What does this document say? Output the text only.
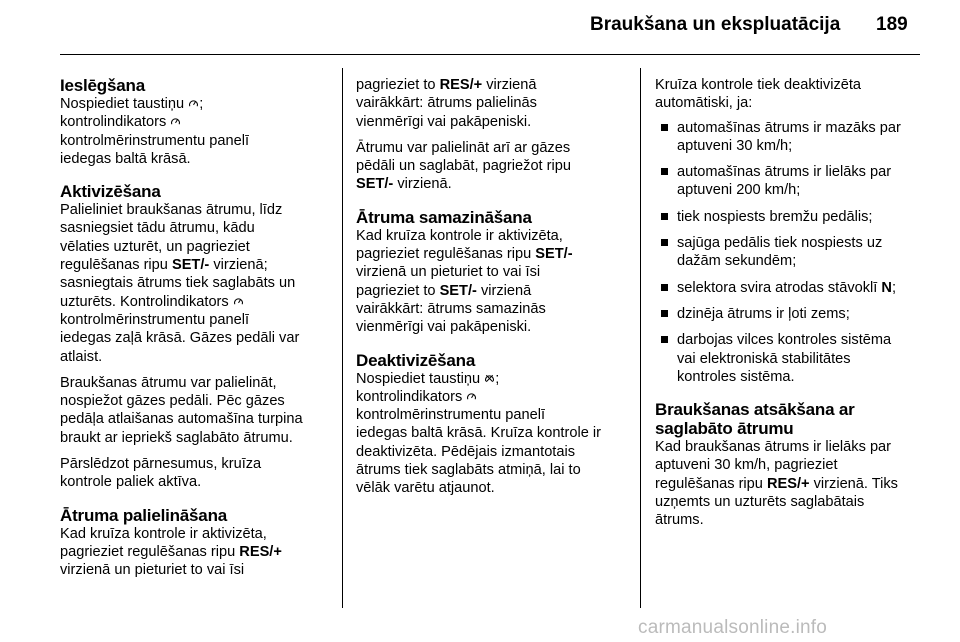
Braukšana un ekspluatācija 189
Ieslēgšana

Nospiediet taustiņu ;
kontrolindikators
kontrolmērinstrumentu panelī
iedegas baltā krāsā.

Aktivizēšana

Palieliniet braukšanas ātrumu, līdz
sasniegsiet tādu ātrumu, kādu
vēlaties uzturēt, un pagrieziet
regulēšanas ripu SET/- virzienā;
sasniegtais ātrums tiek saglabāts un
uzturēts. Kontrolindikators
kontrolmērinstrumentu panelī
iedegas zaļā krāsā. Gāzes pedāli var
atlaist.

Braukšanas ātrumu var palielināt,
nospiežot gāzes pedāli. Pēc gāzes
pedāļa atlaišanas automašīna turpina
braukt ar iepriekš saglabāto ātrumu.

Pārslēdzot pārnesumus, kruīza
kontrole paliek aktīva.

Ātruma palielināšana

Kad kruīza kontrole ir aktivizēta,
pagrieziet regulēšanas ripu RES/+
virzienā un pieturiet to vai īsi

pagrieziet to RES/+ virzienā
vairākkārt: ātrums palielinās
vienmērīgi vai pakāpeniski.

Ātrumu var palielināt arī ar gāzes
pēdāli un saglabāt, pagriežot ripu
SET/- virzienā.

Ātruma samazināšana

Kad kruīza kontrole ir aktivizēta,
pagrieziet regulēšanas ripu SET/-
virzienā un pieturiet to vai īsi
pagrieziet to SET/- virzienā
vairākkārt: ātrums samazinās
vienmērīgi vai pakāpeniski.

Deaktivizēšana

Nospiediet taustiņu ;
kontrolindikators
kontrolmērinstrumentu panelī
iedegas baltā krāsā. Kruīza kontrole ir
deaktivizēta. Pēdējais izmantotais
ātrums tiek saglabāts atmiņā, lai to
vēlāk varētu atjaunot.

Kruīza kontrole tiek deaktivizēta
automātiski, ja:

automašīnas ātrums ir mazāks par
aptuveni 30 km/h;
automašīnas ātrums ir lielāks par
aptuveni 200 km/h;
tiek nospiests bremžu pedālis;
sajūga pedālis tiek nospiests uz
dažām sekundēm;
selektora svira atrodas stāvoklī N;
dzinēja ātrums ir ļoti zems;
darbojas vilces kontroles sistēma
vai elektroniskā stabilitātes
kontroles sistēma.
Braukšanas atsākšana ar
saglabāto ātrumu

Kad braukšanas ātrums ir lielāks par
aptuveni 30 km/h, pagrieziet
regulēšanas ripu RES/+ virzienā. Tiks
uzņemts un uzturēts saglabātais
ātrums.

carmanualsonline.info
